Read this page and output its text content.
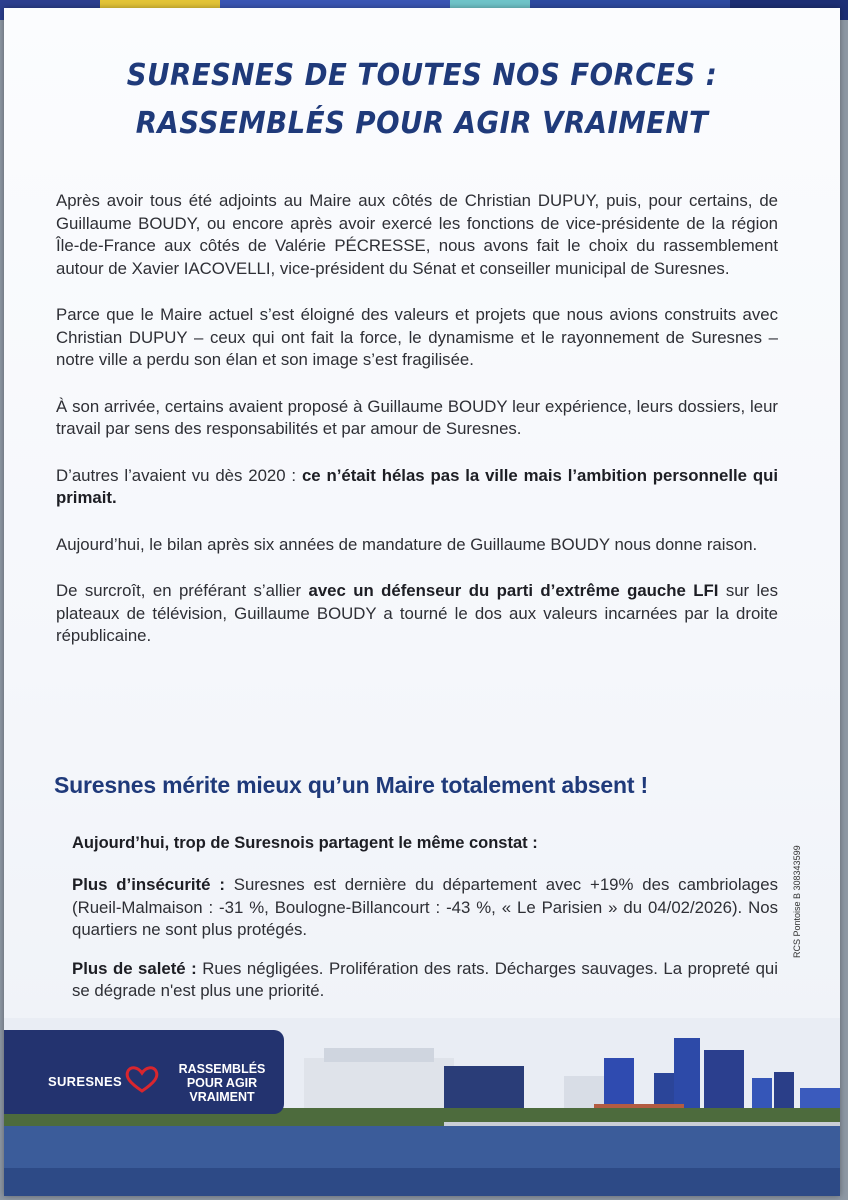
SURESNES DE TOUTES NOS FORCES :
RASSEMBLÉS POUR AGIR VRAIMENT

Après avoir tous été adjoints au Maire aux côtés de Christian DUPUY, puis, pour certains, de Guillaume BOUDY, ou encore après avoir exercé les fonctions de vice-présidente de la région Île-de-France aux côtés de Valérie PÉCRESSE, nous avons fait le choix du rassemblement autour de Xavier IACOVELLI, vice-président du Sénat et conseiller municipal de Suresnes.

Parce que le Maire actuel s’est éloigné des valeurs et projets que nous avions construits avec Christian DUPUY – ceux qui ont fait la force, le dynamisme et le rayonnement de Suresnes – notre ville a perdu son élan et son image s’est fragilisée.

À son arrivée, certains avaient proposé à Guillaume BOUDY leur expérience, leurs dossiers, leur travail par sens des responsabilités et par amour de Suresnes.

D’autres l’avaient vu dès 2020 : ce n’était hélas pas la ville mais l’ambition personnelle qui primait.

Aujourd’hui, le bilan après six années de mandature de Guillaume BOUDY nous donne raison.

De surcroît, en préférant s’allier avec un défenseur du parti d’extrême gauche LFI sur les plateaux de télévision, Guillaume BOUDY a tourné le dos aux valeurs incarnées par la droite républicaine.

Suresnes mérite mieux qu’un Maire totalement absent !
Aujourd’hui, trop de Suresnois partagent le même constat :

Plus d’insécurité : Suresnes est dernière du département avec +19% des cambriolages (Rueil-Malmaison : -31 %, Boulogne-Billancourt : -43 %, « Le Parisien » du 04/02/2026). Nos quartiers ne sont plus protégés.

Plus de saleté : Rues négligées. Prolifération des rats. Décharges sauvages. La propreté qui se dégrade n'est plus une priorité.

RCS Pontoise B 308343599
SURESNES
RASSEMBLÉS
POUR AGIR
VRAIMENT
